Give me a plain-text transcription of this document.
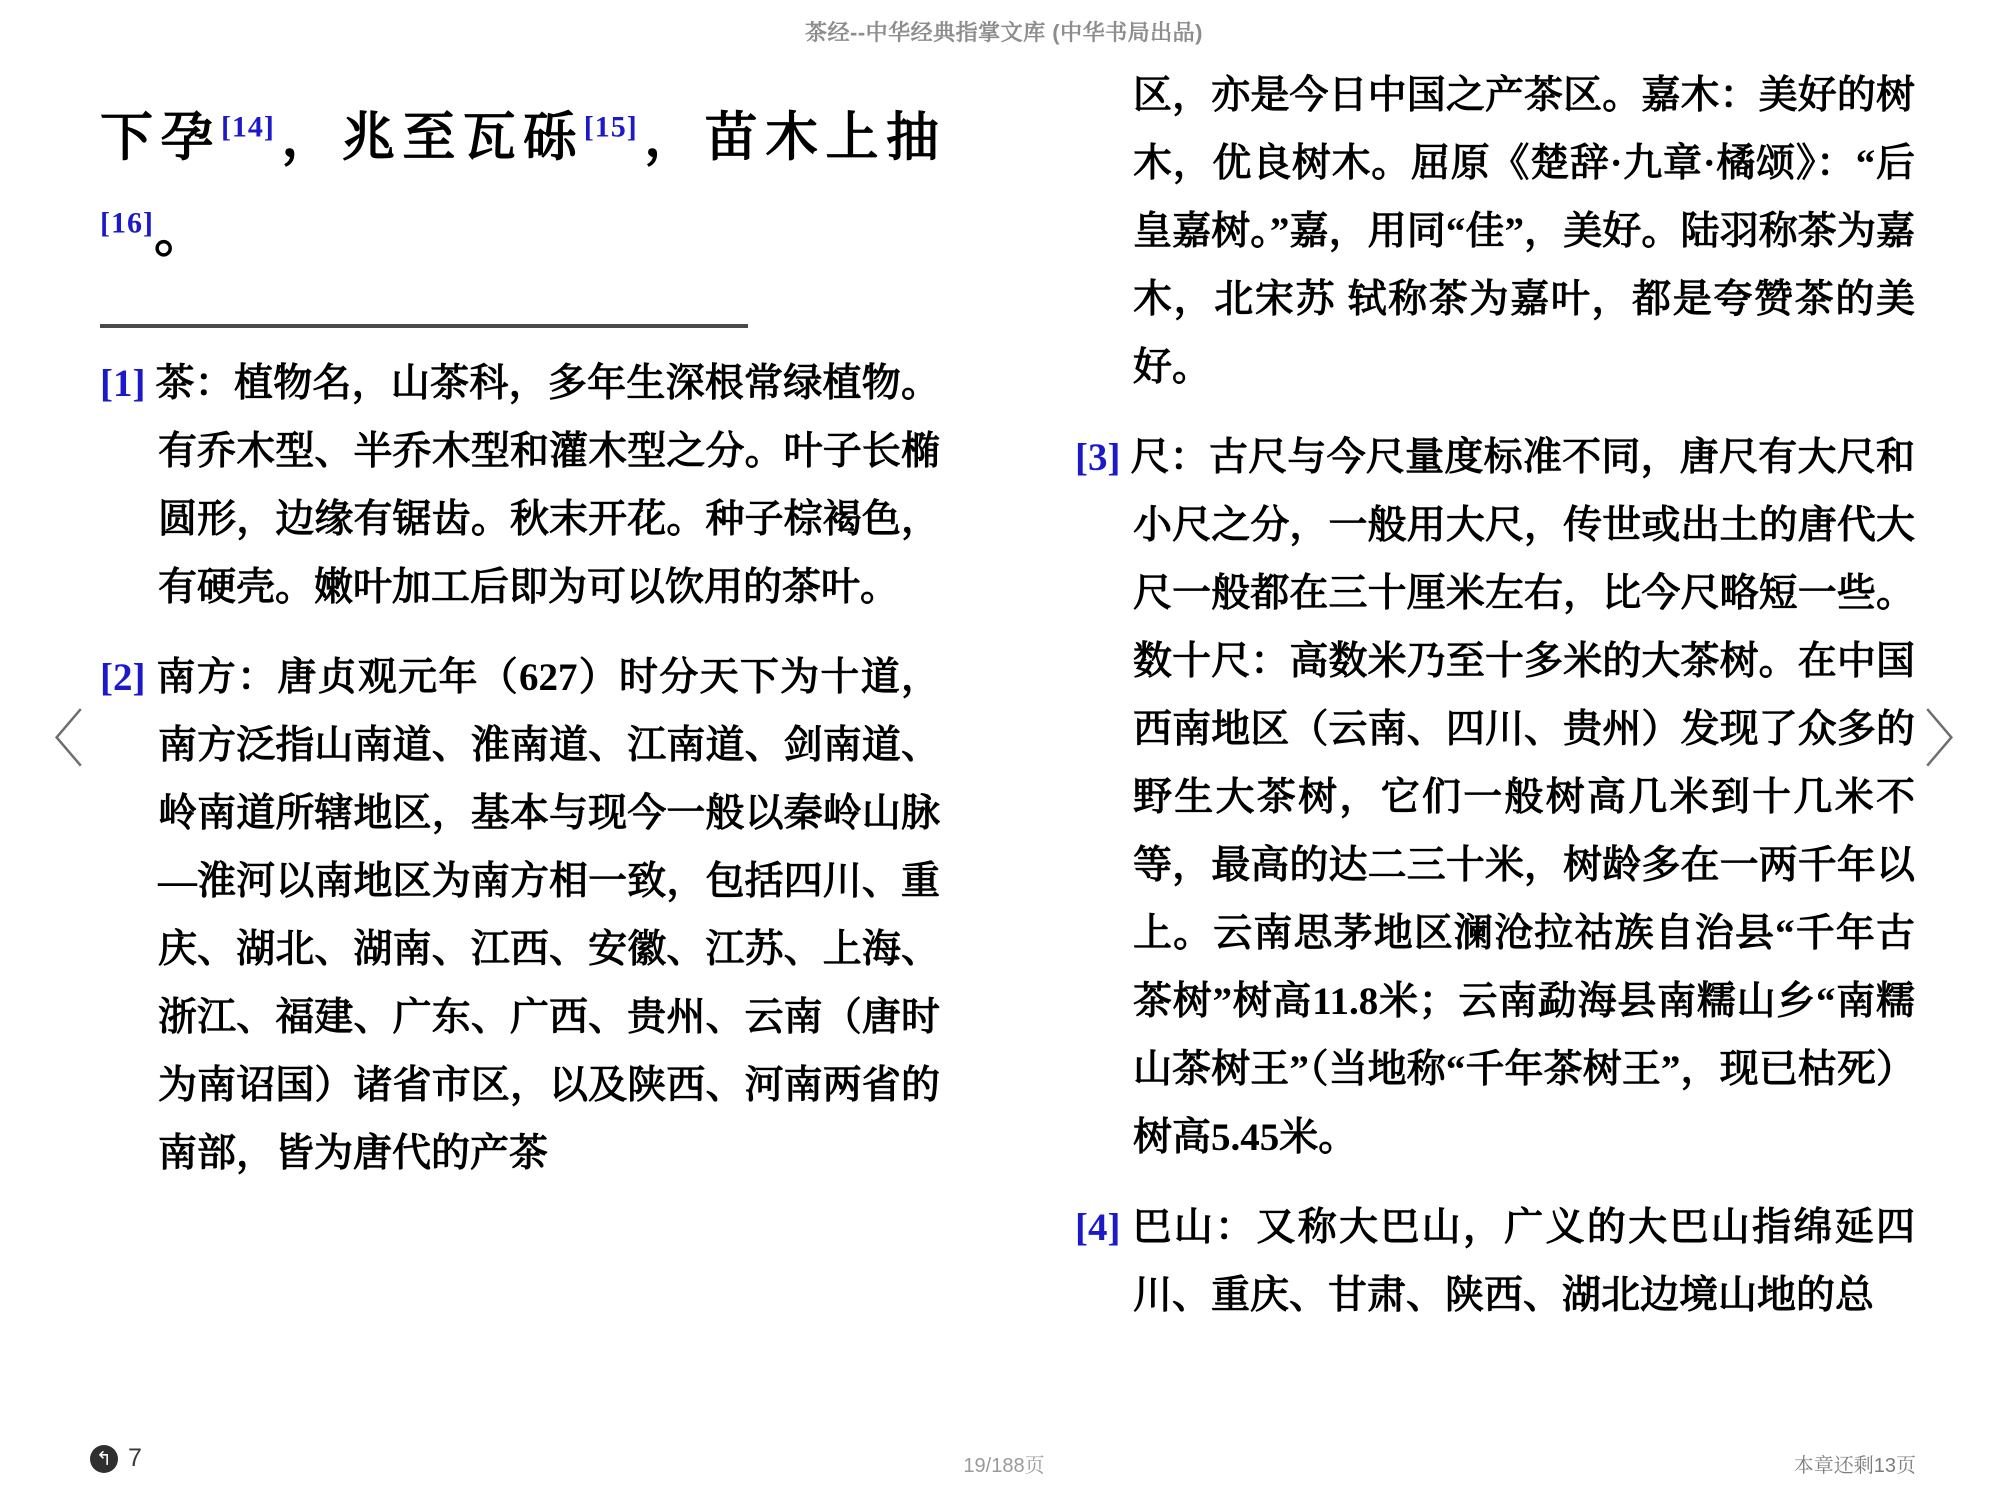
茶经--中华经典指掌文库 (中华书局出品)
〈	〉

下孕[14]，兆至瓦砾[15]，苗木上抽[16]。

[1] 茶：植物名，山茶科，多年生深根常绿植物。有乔木型、半乔木型和灌木型之分。叶子长椭圆形，边缘有锯齿。秋末开花。种子棕褐色，有硬壳。嫩叶加工后即为可以饮用的茶叶。

[2] 南方：唐贞观元年（627）时分天下为十道，南方泛指山南道、淮南道、江南道、剑南道、岭南道所辖地区，基本与现今一般以秦岭山脉—淮河以南地区为南方相一致，包括四川、重庆、湖北、湖南、江西、安徽、江苏、上海、浙江、福建、广东、广西、贵州、云南（唐时为南诏国）诸省市区，以及陕西、河南两省的南部，皆为唐代的产茶

区，亦是今日中国之产茶区。嘉木：美好的树木，优良树木。屈原《楚辞·九章·橘颂》：“后皇嘉树。”嘉，用同“佳”，美好。陆羽称茶为嘉木，北宋苏 轼称茶为嘉叶，都是夸赞茶的美好。

[3] 尺：古尺与今尺量度标准不同，唐尺有大尺和小尺之分，一般用大尺，传世或出土的唐代大尺一般都在三十厘米左右，比今尺略短一些。数十尺：高数米乃至十多米的大茶树。在中国西南地区（云南、四川、贵州）发现了众多的野生大茶树，它们一般树高几米到十几米不等，最高的达二三十米，树龄多在一两千年以上。云南思茅地区澜沧拉祜族自治县“千年古茶树”树高11.8米；云南勐海县南糯山乡“南糯山茶树王”（当地称“千年茶树王”，现已枯死）树高5.45米。

[4] 巴山：又称大巴山，广义的大巴山指绵延四川、重庆、甘肃、陕西、湖北边境山地的总

↰ 7	19/188页	本章还剩13页
